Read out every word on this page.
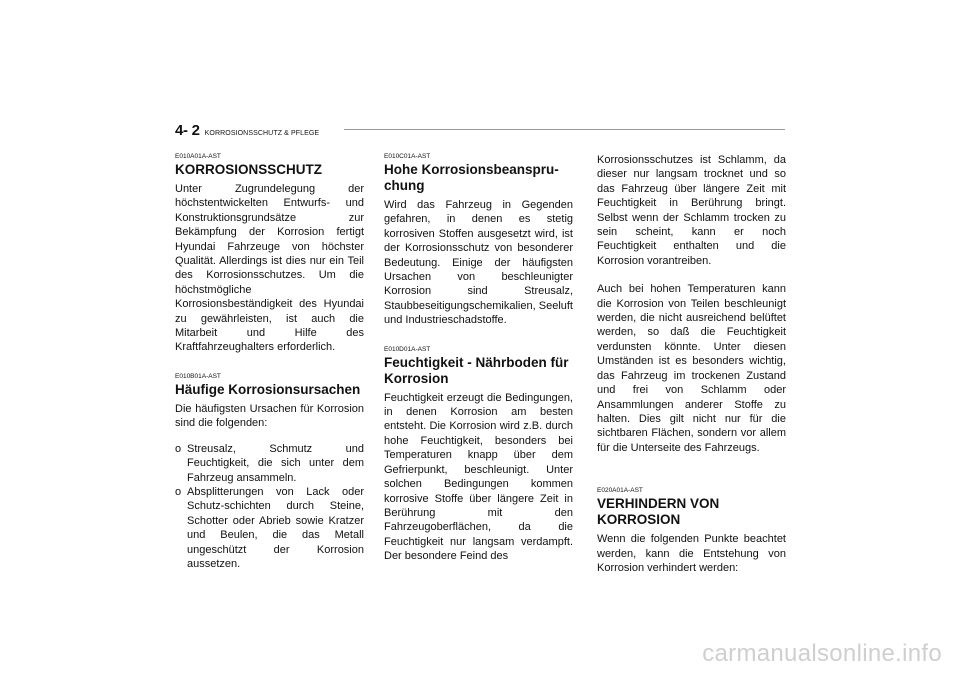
4- 2 KORROSIONSSCHUTZ & PFLEGE
E010A01A-AST
KORROSIONSSCHUTZ

Unter Zugrundelegung der höchstentwickelten Entwurfs- und Konstruktionsgrundsätze zur Bekämpfung der Korrosion fertigt Hyundai Fahrzeuge von höchster Qualität. Allerdings ist dies nur ein Teil des Korrosionsschutzes. Um die höchstmögliche Korrosionsbeständigkeit des Hyundai zu gewährleisten, ist auch die Mitarbeit und Hilfe des Kraftfahrzeughalters erforderlich.

E010B01A-AST
Häufige Korrosionsursachen

Die häufigsten Ursachen für Korrosion sind die folgenden:

o Streusalz, Schmutz und Feuchtigkeit, die sich unter dem Fahrzeug ansammeln.
o Absplitterungen von Lack oder Schutz-schichten durch Steine, Schotter oder Abrieb sowie Kratzer und Beulen, die das Metall ungeschützt der Korrosion aussetzen.
E010C01A-AST
Hohe Korrosionsbeanspru-chung

Wird das Fahrzeug in Gegenden gefahren, in denen es stetig korrosiven Stoffen ausgesetzt wird, ist der Korrosionsschutz von besonderer Bedeutung. Einige der häufigsten Ursachen von beschleunigter Korrosion sind Streusalz, Staubbeseitigungschemikalien, Seeluft und Industrieschadstoffe.

E010D01A-AST
Feuchtigkeit - Nährboden für Korrosion

Feuchtigkeit erzeugt die Bedingungen, in denen Korrosion am besten entsteht. Die Korrosion wird z.B. durch hohe Feuchtigkeit, besonders bei Temperaturen knapp über dem Gefrierpunkt, beschleunigt. Unter solchen Bedingungen kommen korrosive Stoffe über längere Zeit in Berührung mit den Fahrzeugoberflächen, da die Feuchtigkeit nur langsam verdampft. Der besondere Feind des

Korrosionsschutzes ist Schlamm, da dieser nur langsam trocknet und so das Fahrzeug über längere Zeit mit Feuchtigkeit in Berührung bringt. Selbst wenn der Schlamm trocken zu sein scheint, kann er noch Feuchtigkeit enthalten und die Korrosion vorantreiben.

Auch bei hohen Temperaturen kann die Korrosion von Teilen beschleunigt werden, die nicht ausreichend belüftet werden, so daß die Feuchtigkeit verdunsten könnte. Unter diesen Umständen ist es besonders wichtig, das Fahrzeug im trockenen Zustand und frei von Schlamm oder Ansammlungen anderer Stoffe zu halten. Dies gilt nicht nur für die sichtbaren Flächen, sondern vor allem für die Unterseite des Fahrzeugs.

E020A01A-AST
VERHINDERN VON KORROSION

Wenn die folgenden Punkte beachtet werden, kann die Entstehung von Korrosion verhindert werden:

carmanualsonline.info
